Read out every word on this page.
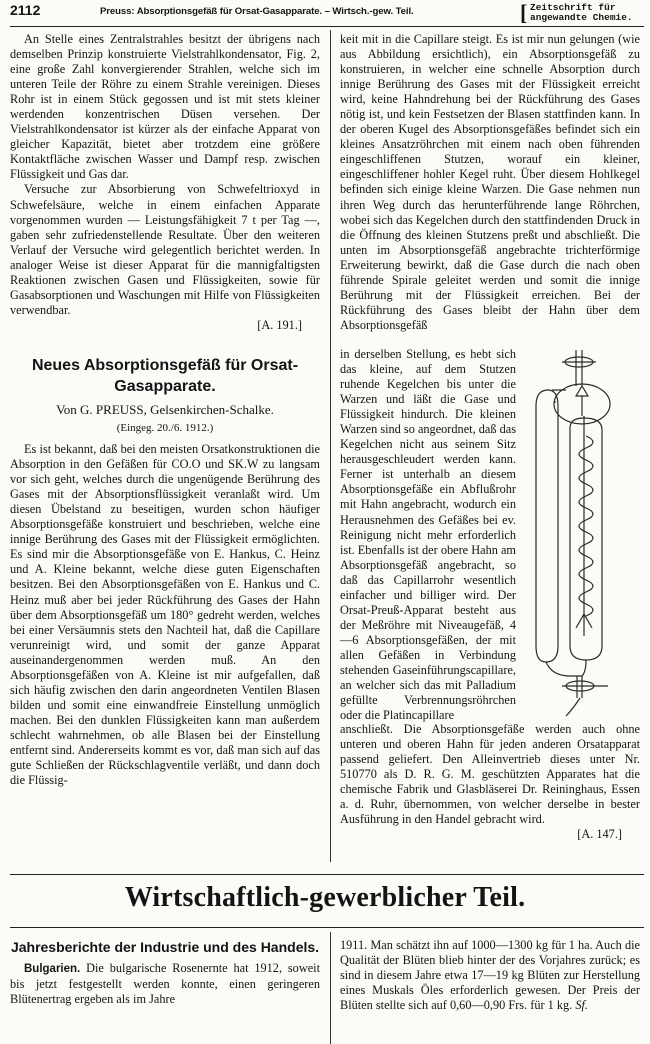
2112	Preuss: Absorptionsgefäß für Orsat-Gasapparate. – Wirtsch.-gew. Teil.	[ Zeitschrift für
angewandte Chemie.

An Stelle eines Zentralstrahles besitzt der übrigens nach demselben Prinzip konstruierte Vielstrahlkondensator, Fig. 2, eine große Zahl konvergierender Strahlen, welche sich im unteren Teile der Röhre zu einem Strahle vereinigen. Dieses Rohr ist in einem Stück gegossen und ist mit stets kleiner werdenden konzentrischen Düsen versehen. Der Vielstrahlkondensator ist kürzer als der einfache Apparat von gleicher Kapazität, bietet aber trotzdem eine größere Kontaktfläche zwischen Wasser und Dampf resp. zwischen Flüssigkeit und Gas dar.

Versuche zur Absorbierung von Schwefeltrioxyd in Schwefelsäure, welche in einem einfachen Apparate vorgenommen wurden — Leistungsfähigkeit 7 t per Tag —, gaben sehr zufriedenstellende Resultate. Über den weiteren Verlauf der Versuche wird gelegentlich berichtet werden. In analoger Weise ist dieser Apparat für die mannigfaltigsten Reaktionen zwischen Gasen und Flüssigkeiten, sowie für Gasabsorptionen und Waschungen mit Hilfe von Flüssigkeiten verwendbar.

[A. 191.]
Neues Absorptionsgefäß für Orsat-Gasapparate.
Von G. PREUSS, Gelsenkirchen-Schalke.
(Eingeg. 20./6. 1912.)

Es ist bekannt, daß bei den meisten Orsatkonstruktionen die Absorption in den Gefäßen für CO.O und SK.W zu langsam vor sich geht, welches durch die ungenügende Berührung des Gases mit der Absorptionsflüssigkeit veranlaßt wird. Um diesen Übelstand zu beseitigen, wurden schon häufiger Absorptionsgefäße konstruiert und beschrieben, welche eine innige Berührung des Gases mit der Flüssigkeit ermöglichten. Es sind mir die Absorptionsgefäße von E. Hankus, C. Heinz und A. Kleine bekannt, welche diese guten Eigenschaften besitzen. Bei den Absorptionsgefäßen von E. Hankus und C. Heinz muß aber bei jeder Rückführung des Gases der Hahn über dem Absorptionsgefäß um 180° gedreht werden, welches bei einer Versäumnis stets den Nachteil hat, daß die Capillare verunreinigt wird, und somit der ganze Apparat auseinandergenommen werden muß. An den Absorptionsgefäßen von A. Kleine ist mir aufgefallen, daß sich häufig zwischen den darin angeordneten Ventilen Blasen bilden und somit eine einwandfreie Einstellung unmöglich machen. Bei den dunklen Flüssigkeiten kann man außerdem schlecht wahrnehmen, ob alle Blasen bei der Einstellung entfernt sind. Andererseits kommt es vor, daß man sich auf das gute Schließen der Rückschlagventile verläßt, und dann doch die Flüssig-

keit mit in die Capillare steigt. Es ist mir nun gelungen (wie aus Abbildung ersichtlich), ein Absorptionsgefäß zu konstruieren, in welcher eine schnelle Absorption durch innige Berührung des Gases mit der Flüssigkeit erreicht wird, keine Hahndrehung bei der Rückführung des Gases nötig ist, und kein Festsetzen der Blasen stattfinden kann. In der oberen Kugel des Absorptionsgefäßes befindet sich ein kleines Ansatzröhrchen mit einem nach oben führenden eingeschliffenen Stutzen, worauf ein kleiner, eingeschliffener hohler Kegel ruht. Über diesem Hohlkegel befinden sich einige kleine Warzen. Die Gase nehmen nun ihren Weg durch das herunterführende lange Röhrchen, wobei sich das Kegelchen durch den stattfindenden Druck in die Öffnung des kleinen Stutzens preßt und abschließt. Die unten im Absorptionsgefäß angebrachte trichterförmige Erweiterung bewirkt, daß die Gase durch die nach oben führende Spirale geleitet werden und somit die innige Berührung mit der Flüssigkeit erreichen. Bei der Rückführung des Gases bleibt der Hahn über dem Absorptionsgefäß

in derselben Stellung, es hebt sich das kleine, auf dem Stutzen ruhende Kegelchen bis unter die Warzen und läßt die Gase und Flüssigkeit hindurch. Die kleinen Warzen sind so angeordnet, daß das Kegelchen nicht aus seinem Sitz herausgeschleudert werden kann. Ferner ist unterhalb an diesem Absorptionsgefäße ein Abflußrohr mit Hahn angebracht, wodurch ein Herausnehmen des Gefäßes bei ev. Reinigung nicht mehr erforderlich ist. Ebenfalls ist der obere Hahn am Absorptionsgefäß angebracht, so daß das Capillarrohr wesentlich einfacher und billiger wird. Der Orsat-Preuß-Apparat besteht aus der Meßröhre mit Niveaugefäß, 4—6 Absorptionsgefäßen, der mit allen Gefäßen in Verbindung stehenden Gaseinführungscapillare, an welcher sich das mit Palladium gefüllte Verbrennungsröhrchen oder die Platincapillare

anschließt. Die Absorptionsgefäße werden auch ohne unteren und oberen Hahn für jeden anderen Orsatapparat passend geliefert. Den Alleinvertrieb dieses unter Nr. 510770 als D. R. G. M. geschützten Apparates hat die chemische Fabrik und Glasbläserei Dr. Reininghaus, Essen a. d. Ruhr, übernommen, von welcher derselbe in bester Ausführung in den Handel gebracht wird.

[A. 147.]
Wirtschaftlich-gewerblicher Teil.
Jahresberichte der Industrie und des Handels.

Bulgarien. Die bulgarische Rosenernte hat 1912, soweit bis jetzt festgestellt werden konnte, einen geringeren Blütenertrag ergeben als im Jahre

1911. Man schätzt ihn auf 1000—1300 kg für 1 ha. Auch die Qualität der Blüten blieb hinter der des Vorjahres zurück; es sind in diesem Jahre etwa 17—19 kg Blüten zur Herstellung eines Muskals Öles erforderlich gewesen. Der Preis der Blüten stellte sich auf 0,60—0,90 Frs. für 1 kg. Sf.
